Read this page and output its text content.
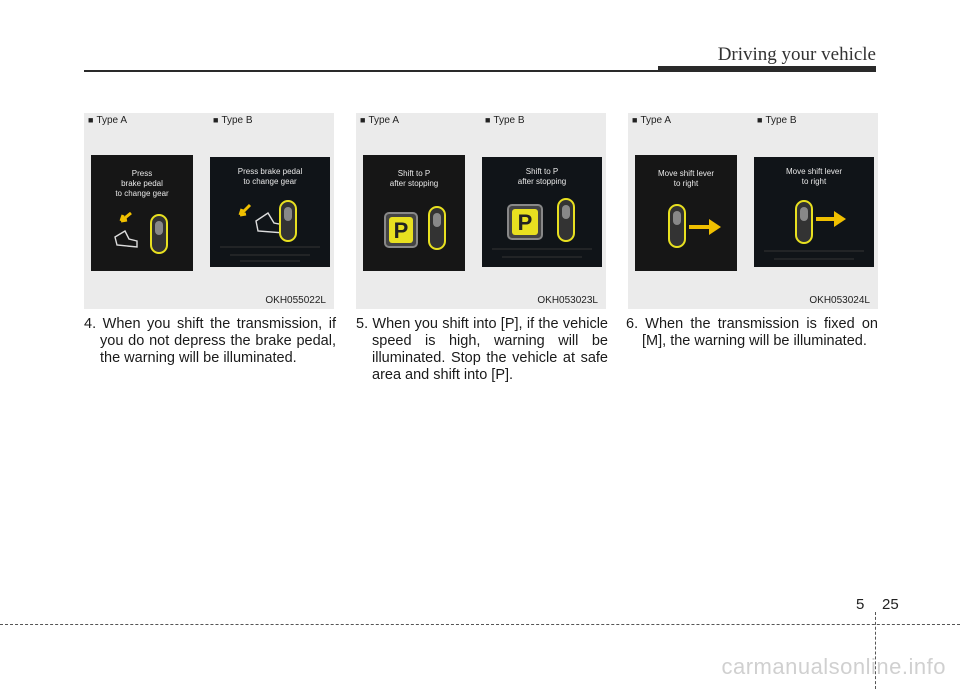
Driving your vehicle
■ Type A
Press
brake pedal
to change gear
■ Type B
Press brake pedal
to change gear
OKH055022L
■ Type A
Shift to P
after stopping
P
■ Type B
Shift to P
after stopping
P
OKH053023L
■ Type A
Move shift lever
to right
■ Type B
Move shift lever
to right
OKH053024L
4. When you shift the transmission, if you do not depress the brake pedal, the warning will be illuminated.
5. When you shift into [P], if the vehicle speed is high, warning will be illuminated. Stop the vehicle at safe area and shift into [P].
6. When the transmission is fixed on [M], the warning will be illuminated.
5 25
carmanualsonline.info
